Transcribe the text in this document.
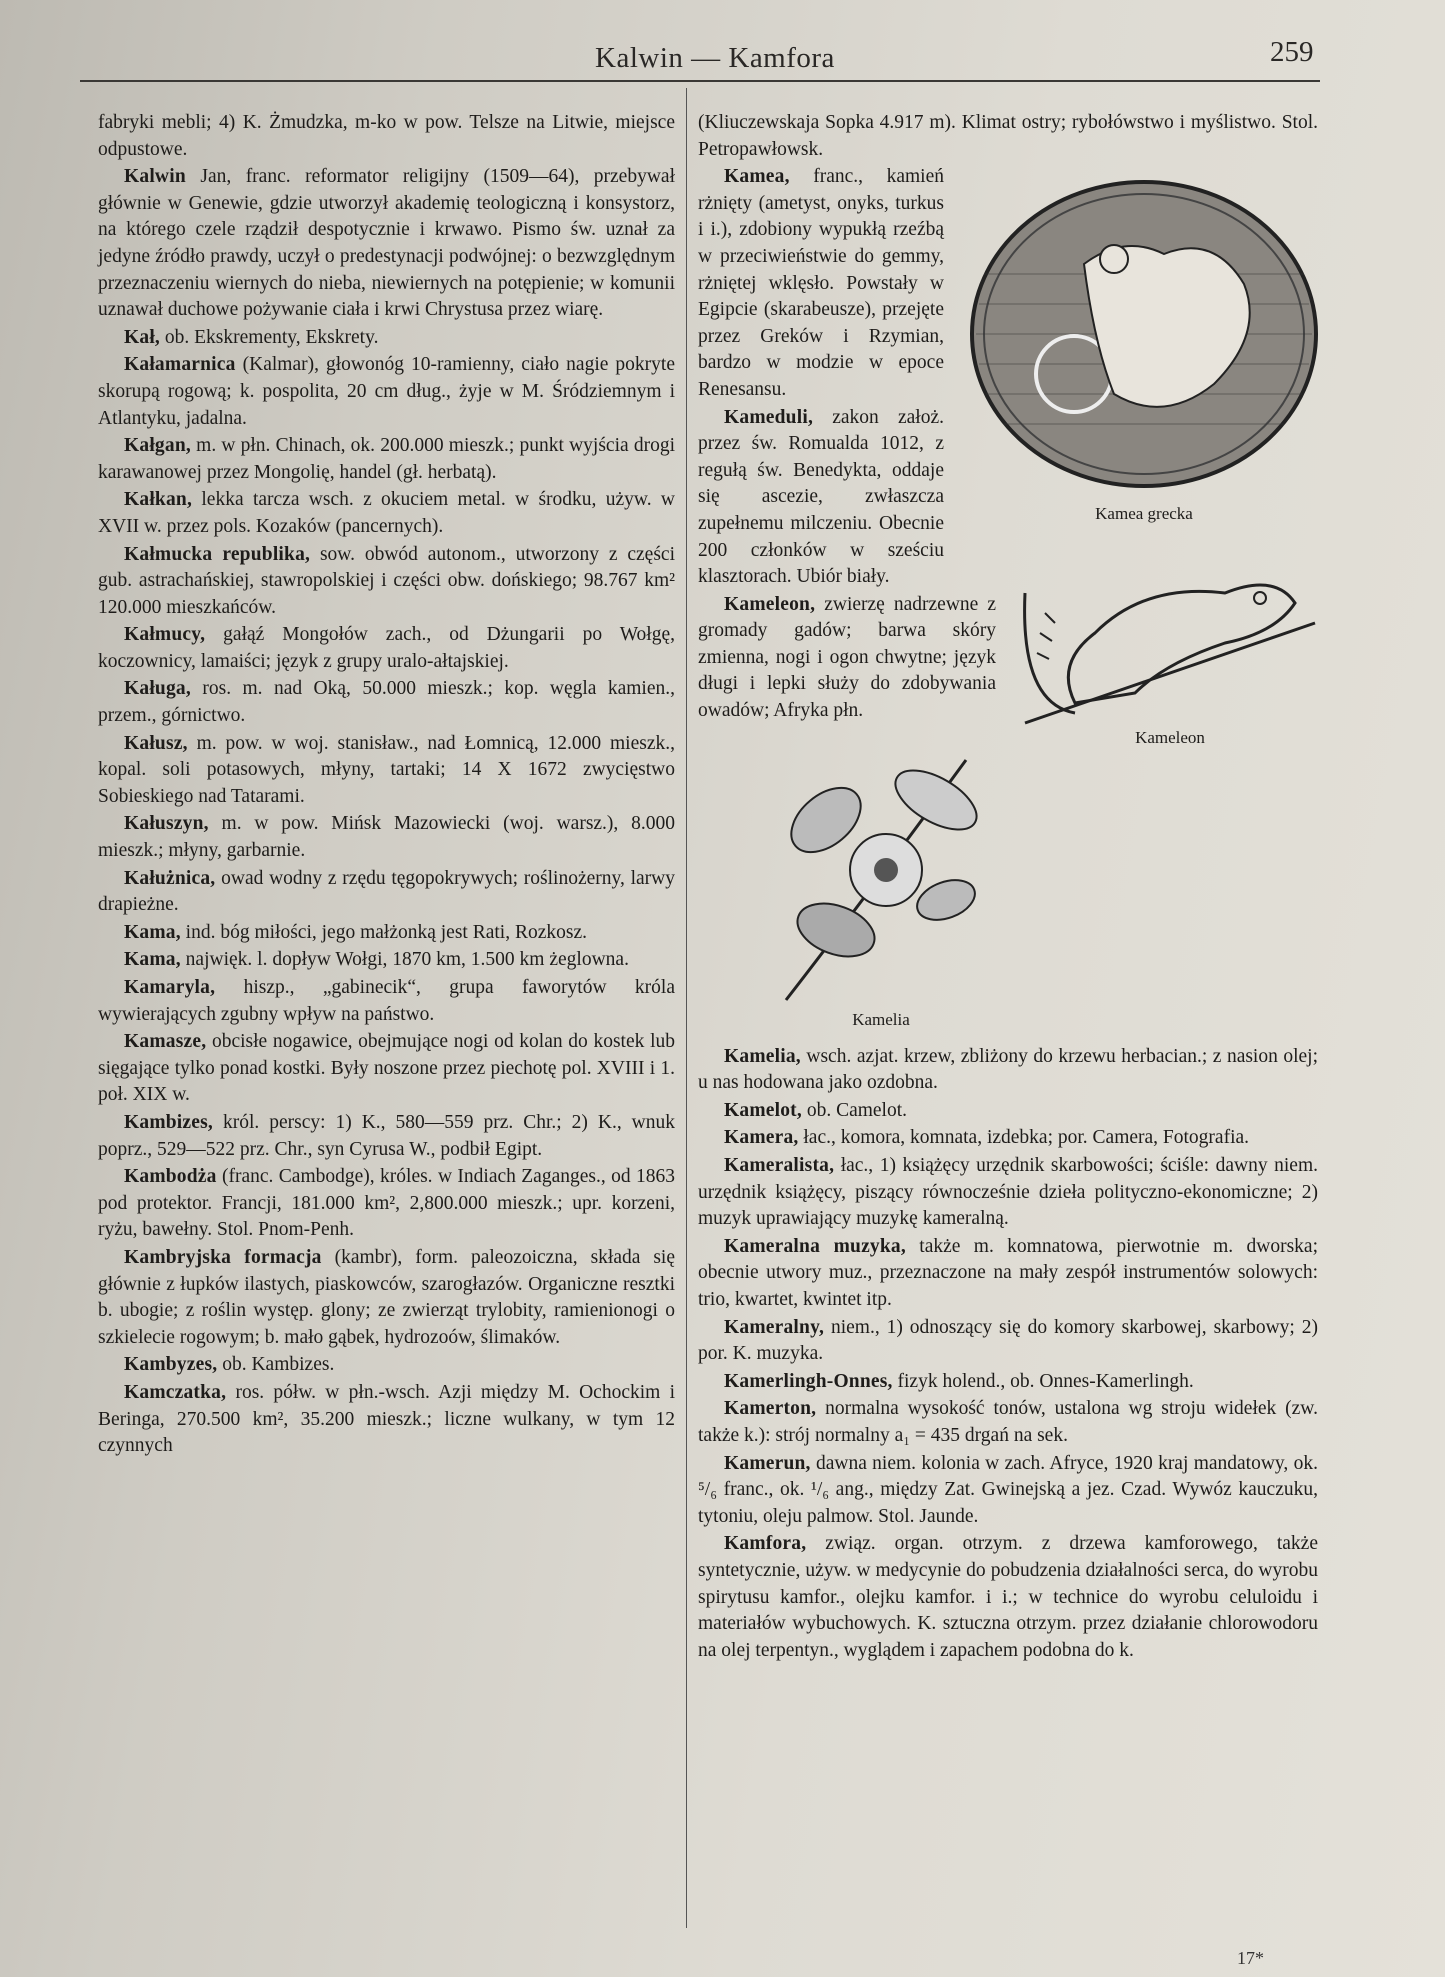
Kalwin — Kamfora	259

fabryki mebli; 4) K. Żmudzka, m-ko w pow. Telsze na Litwie, miejsce odpustowe.

Kalwin Jan, franc. reformator religijny (1509—64), przebywał głównie w Genewie, gdzie utworzył akademię teologiczną i konsystorz, na którego czele rządził despotycznie i krwawo. Pismo św. uznał za jedyne źródło prawdy, uczył o predestynacji podwójnej: o bezwzględnym przeznaczeniu wiernych do nieba, niewiernych na potępienie; w komunii uznawał duchowe pożywanie ciała i krwi Chrystusa przez wiarę.

Kał, ob. Ekskrementy, Ekskrety.

Kałamarnica (Kalmar), głowonóg 10-ramienny, ciało nagie pokryte skorupą rogową; k. pospolita, 20 cm dług., żyje w M. Śródziemnym i Atlantyku, jadalna.

Kałgan, m. w płn. Chinach, ok. 200.000 mieszk.; punkt wyjścia drogi karawanowej przez Mongolię, handel (gł. herbatą).

Kałkan, lekka tarcza wsch. z okuciem metal. w środku, używ. w XVII w. przez pols. Kozaków (pancernych).

Kałmucka republika, sow. obwód autonom., utworzony z części gub. astrachańskiej, stawropolskiej i części obw. dońskiego; 98.767 km² 120.000 mieszkańców.

Kałmucy, gałąź Mongołów zach., od Dżungarii po Wołgę, koczownicy, lamaiści; język z grupy uralo-ałtajskiej.

Kaługa, ros. m. nad Oką, 50.000 mieszk.; kop. węgla kamien., przem., górnictwo.

Kałusz, m. pow. w woj. stanisław., nad Łomnicą, 12.000 mieszk., kopal. soli potasowych, młyny, tartaki; 14 X 1672 zwycięstwo Sobieskiego nad Tatarami.

Kałuszyn, m. w pow. Mińsk Mazowiecki (woj. warsz.), 8.000 mieszk.; młyny, garbarnie.

Kałużnica, owad wodny z rzędu tęgopokrywych; roślinożerny, larwy drapieżne.

Kama, ind. bóg miłości, jego małżonką jest Rati, Rozkosz.

Kama, najwięk. l. dopływ Wołgi, 1870 km, 1.500 km żeglowna.

Kamaryla, hiszp., „gabinecik“, grupa faworytów króla wywierających zgubny wpływ na państwo.

Kamasze, obcisłe nogawice, obejmujące nogi od kolan do kostek lub sięgające tylko ponad kostki. Były noszone przez piechotę pol. XVIII i 1. poł. XIX w.

Kambizes, król. perscy: 1) K., 580—559 prz. Chr.; 2) K., wnuk poprz., 529—522 prz. Chr., syn Cyrusa W., podbił Egipt.

Kambodża (franc. Cambodge), króles. w Indiach Zaganges., od 1863 pod protektor. Francji, 181.000 km², 2,800.000 mieszk.; upr. korzeni, ryżu, bawełny. Stol. Pnom-Penh.

Kambryjska formacja (kambr), form. paleozoiczna, składa się głównie z łupków ilastych, piaskowców, szarogłazów. Organiczne resztki b. ubogie; z roślin występ. glony; ze zwierząt trylobity, ramienionogi o szkielecie rogowym; b. mało gąbek, hydrozoów, ślimaków.

Kambyzes, ob. Kambizes.

Kamczatka, ros. półw. w płn.-wsch. Azji między M. Ochockim i Beringa, 270.500 km², 35.200 mieszk.; liczne wulkany, w tym 12 czynnych

(Kliuczewskaja Sopka 4.917 m). Klimat ostry; rybołówstwo i myślistwo. Stol. Petropawłowsk.

Kamea grecka
Kamea, franc., kamień rżnięty (ametyst, onyks, turkus i i.), zdobiony wypukłą rzeźbą w przeciwieństwie do gemmy, rżniętej wklęsło. Powstały w Egipcie (skarabeusze), przejęte przez Greków i Rzymian, bardzo w modzie w epoce Renesansu.

Kameleon
Kameduli, zakon założ. przez św. Romualda 1012, z regułą św. Benedykta, oddaje się ascezie, zwłaszcza zupełnemu milczeniu. Obecnie 200 członków w sześciu klasztorach. Ubiór biały.

Kameleon, zwierzę nadrzewne z gromady gadów; barwa skóry zmienna, nogi i ogon chwytne; język długi i lepki służy do zdobywania owadów; Afryka płn.

Kamelia
Kamelia, wsch. azjat. krzew, zbliżony do krzewu herbacian.; z nasion olej; u nas hodowana jako ozdobna.

Kamelot, ob. Camelot.

Kamera, łac., komora, komnata, izdebka; por. Camera, Fotografia.

Kameralista, łac., 1) książęcy urzędnik skarbowości; ściśle: dawny niem. urzędnik książęcy, piszący równocześnie dzieła polityczno-ekonomiczne; 2) muzyk uprawiający muzykę kameralną.

Kameralna muzyka, także m. komnatowa, pierwotnie m. dworska; obecnie utwory muz., przeznaczone na mały zespół instrumentów solowych: trio, kwartet, kwintet itp.

Kameralny, niem., 1) odnoszący się do komory skarbowej, skarbowy; 2) por. K. muzyka.

Kamerlingh-Onnes, fizyk holend., ob. Onnes-Kamerlingh.

Kamerton, normalna wysokość tonów, ustalona wg stroju widełek (zw. także k.): strój normalny a₁ = 435 drgań na sek.

Kamerun, dawna niem. kolonia w zach. Afryce, 1920 kraj mandatowy, ok. ⁵/₆ franc., ok. ¹/₆ ang., między Zat. Gwinejską a jez. Czad. Wywóz kauczuku, tytoniu, oleju palmow. Stol. Jaunde.

Kamfora, związ. organ. otrzym. z drzewa kamforowego, także syntetycznie, używ. w medycynie do pobudzenia działalności serca, do wyrobu spirytusu kamfor., olejku kamfor. i i.; w technice do wyrobu celuloidu i materiałów wybuchowych. K. sztuczna otrzym. przez działanie chlorowodoru na olej terpentyn., wyglądem i zapachem podobna do k.

17*
